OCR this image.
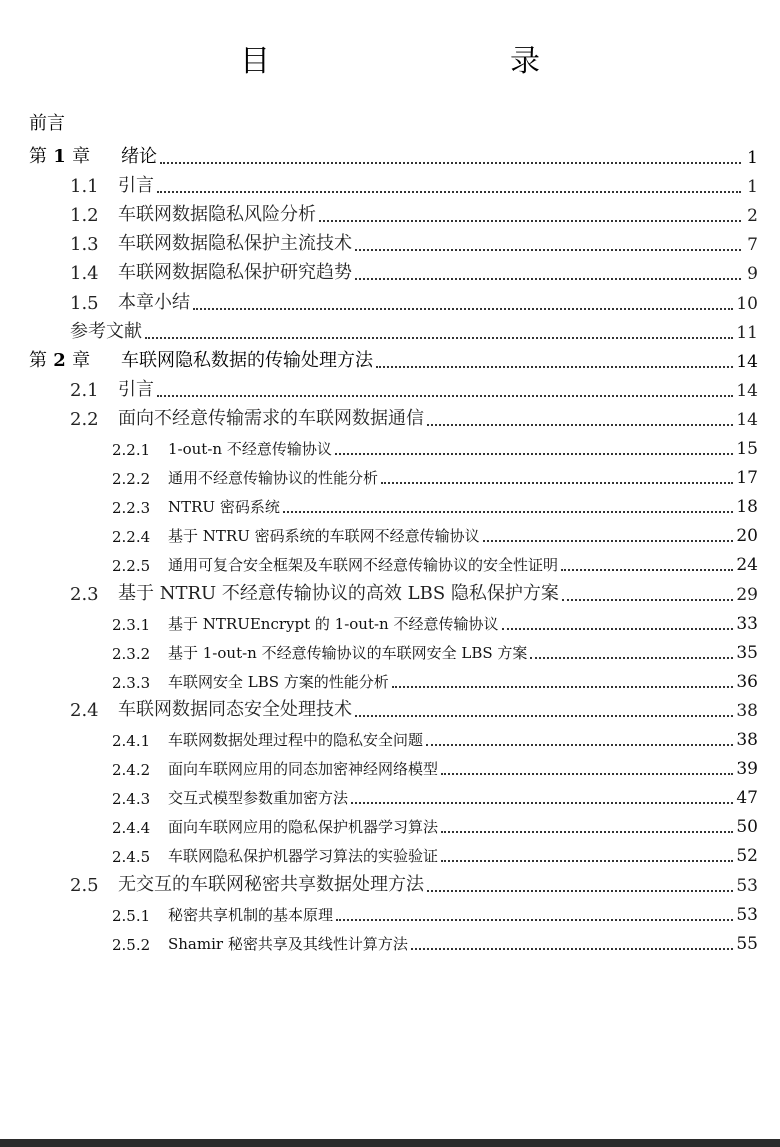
目　　录
前言
第 1 章	绪论	1
1.1	引言	1
1.2	车联网数据隐私风险分析	2
1.3	车联网数据隐私保护主流技术	7
1.4	车联网数据隐私保护研究趋势	9
1.5	本章小结	10
参考文献	11
第 2 章	车联网隐私数据的传输处理方法	14
2.1	引言	14
2.2	面向不经意传输需求的车联网数据通信	14
2.2.1	1-out-n 不经意传输协议	15
2.2.2	通用不经意传输协议的性能分析	17
2.2.3	NTRU 密码系统	18
2.2.4	基于 NTRU 密码系统的车联网不经意传输协议	20
2.2.5	通用可复合安全框架及车联网不经意传输协议的安全性证明	24
2.3	基于 NTRU 不经意传输协议的高效 LBS 隐私保护方案	29
2.3.1	基于 NTRUEncrypt 的 1-out-n 不经意传输协议	33
2.3.2	基于 1-out-n 不经意传输协议的车联网安全 LBS 方案	35
2.3.3	车联网安全 LBS 方案的性能分析	36
2.4	车联网数据同态安全处理技术	38
2.4.1	车联网数据处理过程中的隐私安全问题	38
2.4.2	面向车联网应用的同态加密神经网络模型	39
2.4.3	交互式模型参数重加密方法	47
2.4.4	面向车联网应用的隐私保护机器学习算法	50
2.4.5	车联网隐私保护机器学习算法的实验验证	52
2.5	无交互的车联网秘密共享数据处理方法	53
2.5.1	秘密共享机制的基本原理	53
2.5.2	Shamir 秘密共享及其线性计算方法	55
